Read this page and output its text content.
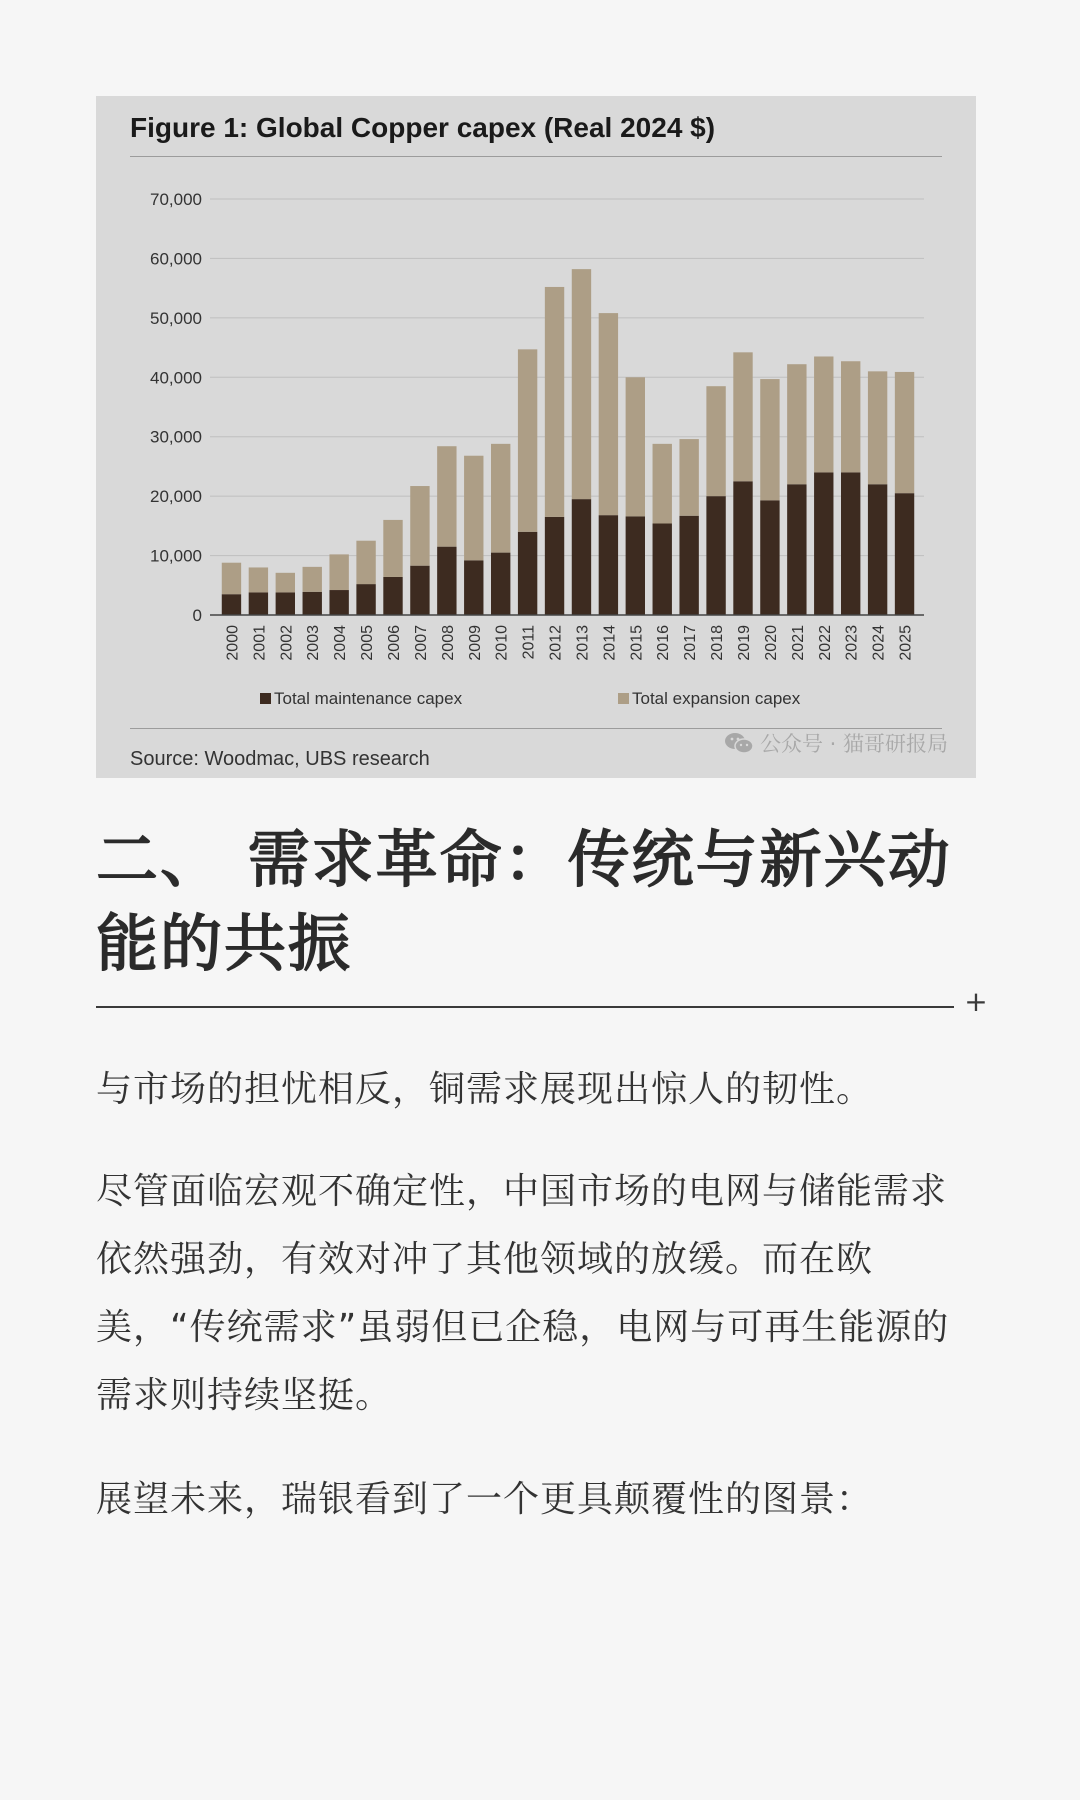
Figure 1: Global Copper capex (Real 2024 $)
0
10,000
20,000
30,000
40,000
50,000
60,000
70,000
2000 2001 2002 2003 2004 2005 2006 2007 2008 2009 2010 2011 2012 2013 2014 2015 2016 2017 2018 2019 2020 2021 2022 2023 2024 2025
Total maintenance capex	Total expansion capex
Source: Woodmac, UBS research
公众号 · 猫哥研报局
二、 需求革命：传统与新兴动能的共振
+

与市场的担忧相反，铜需求展现出惊人的韧性。

尽管面临宏观不确定性，中国市场的电网与储能需求依然强劲，有效对冲了其他领域的放缓。而在欧美，“传统需求”虽弱但已企稳，电网与可再生能源的需求则持续坚挺。

展望未来，瑞银看到了一个更具颠覆性的图景：
